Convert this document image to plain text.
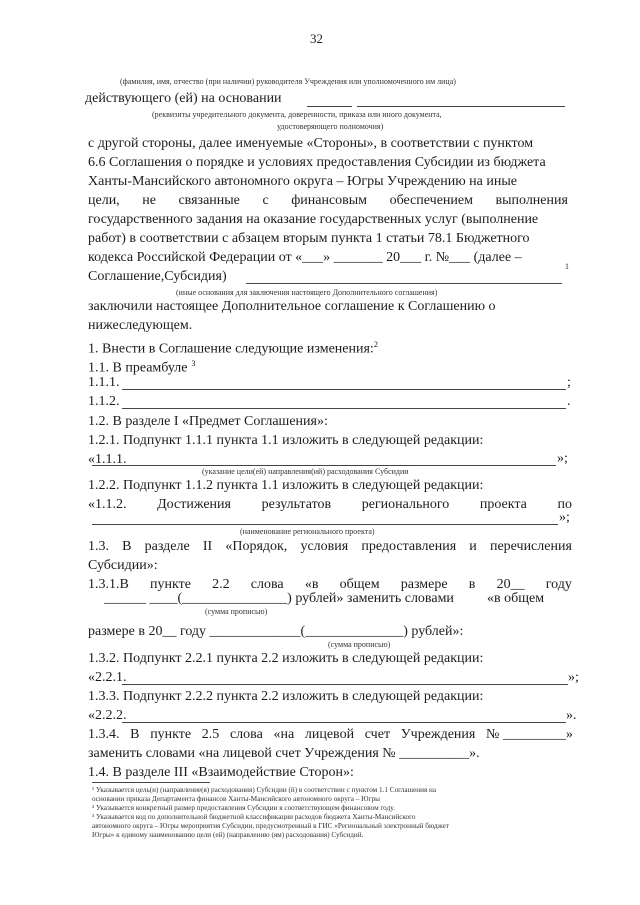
32
(фамилия, имя, отчество (при наличии) руководителя Учреждения или уполномоченного им лица)
действующего (ей) на основании
(реквизиты учредительного документа, доверенности, приказа или иного документа,
удостоверяющего полномочия)
с другой стороны, далее именуемые «Стороны», в соответствии с пунктом
6.6 Соглашения о порядке и условиях предоставления Субсидии из бюджета
Ханты-Мансийского автономного округа – Югры Учреждению на иные
цели, не связанные с финансовым обеспечением выполнения
государственного задания на оказание государственных услуг (выполнение
работ) в соответствии с абзацем вторым пункта 1 статьи 78.1 Бюджетного
кодекса Российской Федерации от «___» _______ 20___ г. №___ (далее –
Соглашение,Субсидия)
1
(иные основания для заключения настоящего Дополнительного соглашения)
заключили настоящее Дополнительное соглашение к Соглашению о
нижеследующем.
1. Внести в Соглашение следующие изменения:$^2$
1.1. В преамбуле $^3$
1.1.1.	;
1.1.2.	.
1.2. В разделе I «Предмет Соглашения»:
1.2.1. Подпункт 1.1.1 пункта 1.1 изложить в следующей редакции:
«1.1.1.	»;
(указание цели(ей) направления(ий) расходования Субсидии
1.2.2. Подпункт 1.1.2 пункта 1.1 изложить в следующей редакции:
«1.1.2. Достижения результатов регионального проекта по
»;
(наименование регионального проекта)
1.3. В разделе II «Порядок, условия предоставления и перечисления
Субсидии»:
1.3.1.В пункте 2.2 слова «в общем размере в 20__ году
______ ____(_______________) рублей» заменить словами «в общем
(сумма прописью)
размере в 20__ году _____________(______________) рублей»:
(сумма прописью)
1.3.2. Подпункт 2.2.1 пункта 2.2 изложить в следующей редакции:
«2.2.1.	»;
1.3.3. Подпункт 2.2.2 пункта 2.2 изложить в следующей редакции:
«2.2.2.	».
1.3.4. В пункте 2.5 слова «на лицевой счет Учреждения № _________»
заменить словами «на лицевой счет Учреждения № __________».
1.4. В разделе III «Взаимодействие Сторон»:
¹ Указывается цель(и) (направление(я) расходования) Субсидии (й) в соответствии с пунктом 1.1 Соглашения на
основании приказа Департамента финансов Ханты-Мансийского автономного округа – Югры
² Указывается конкретный размер предоставления Субсидии в соответствующем финансовом году.
³ Указывается код по дополнительной бюджетной классификации расходов бюджета Ханты-Мансийского
автономного округа – Югры мероприятия Субсидии, предусмотренный в ГИС «Региональный электронный бюджет
Югры» к единому наименованию цели (ей) (направлению (ям) расходования) Субсидий.
